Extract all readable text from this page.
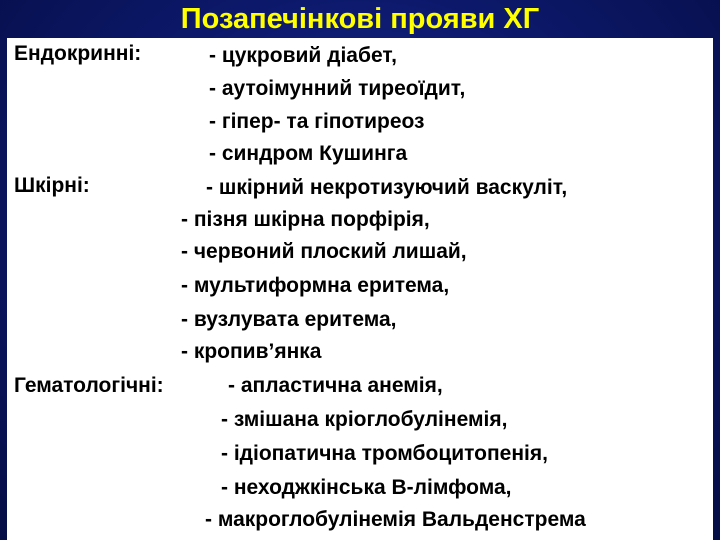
Позапечінкові прояви ХГ
Ендокринні:	- цукровий діабет,
- аутоімунний тиреоїдит,
- гіпер- та гіпотиреоз
- синдром Кушинга
Шкірні:	- шкірний некротизуючий васкуліт,
- пізня шкірна порфірія,
- червоний плоский лишай,
- мультиформна еритема,
- вузлувата еритема,
- кропив’янка
Гематологічні:	- апластична анемія,
- змішана кріоглобулінемія,
- ідіопатична тромбоцитопенія,
- неходжкінська В-лімфома,
- макроглобулінемія Вальденстрема
